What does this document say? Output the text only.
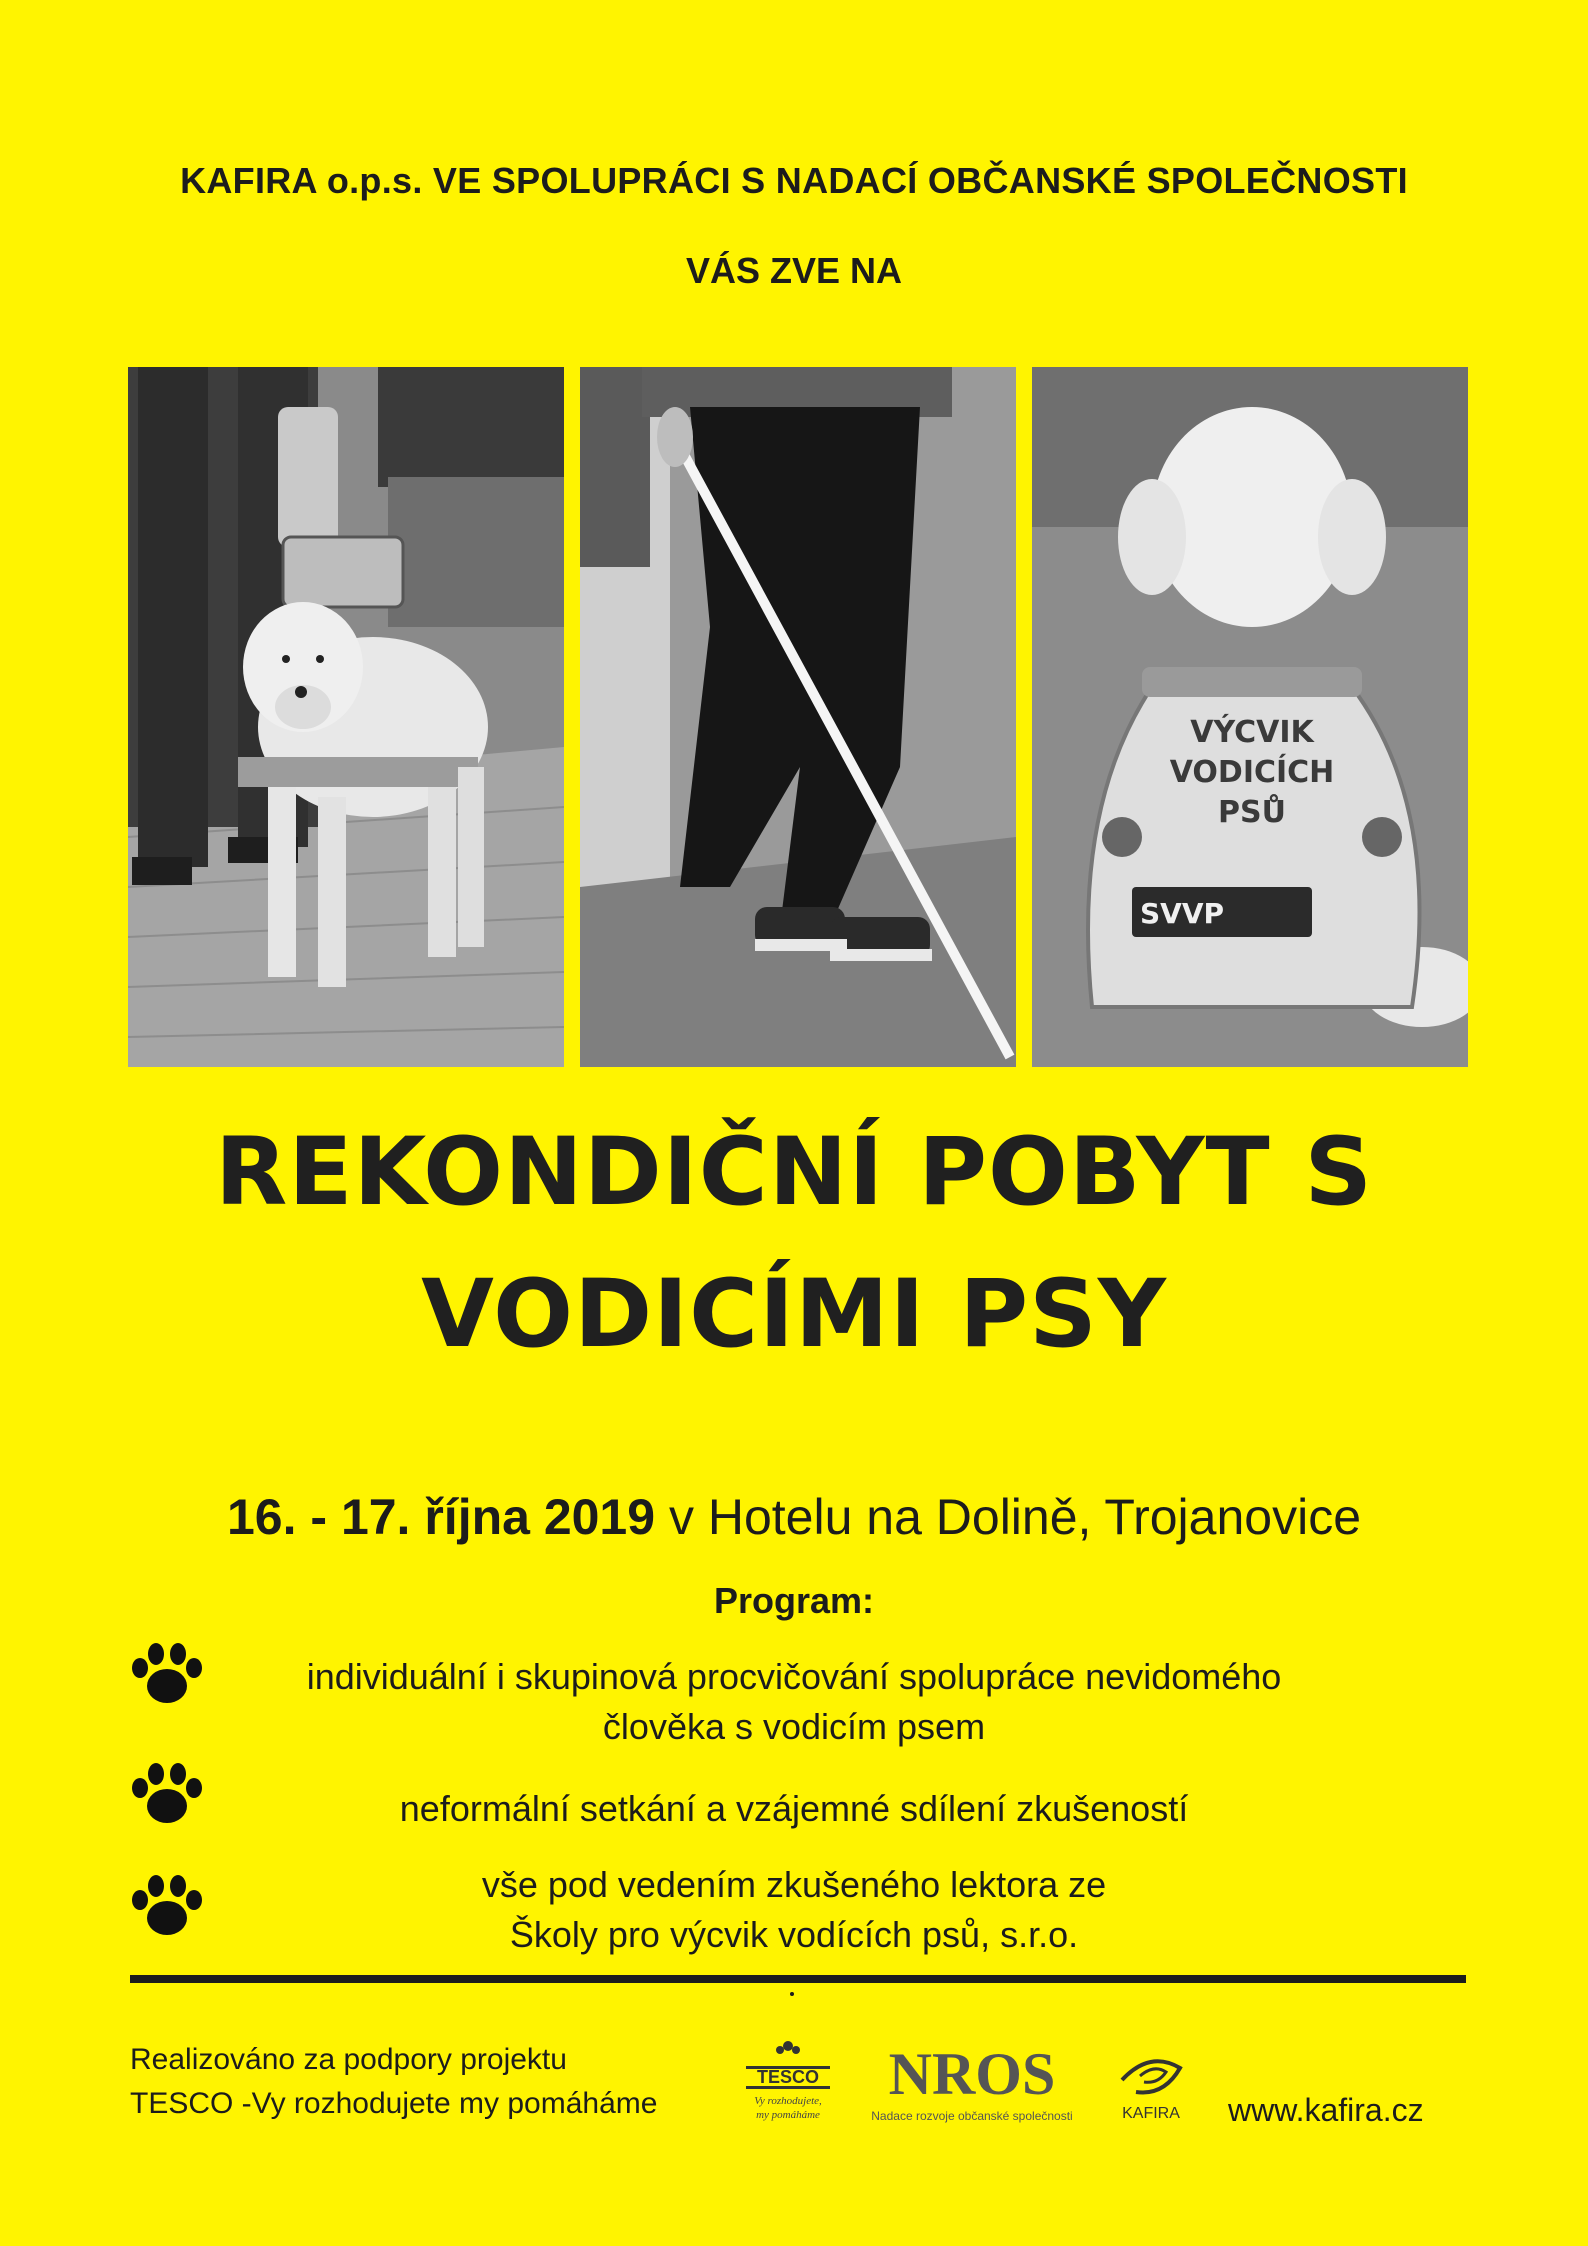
KAFIRA o.p.s. VE SPOLUPRÁCI S NADACÍ OBČANSKÉ SPOLEČNOSTI
VÁS ZVE NA
VÝCVIK
VODICÍCH
PSŮ
SVVP
REKONDIČNÍ POBYT S
VODICÍMI PSY
16. - 17. října 2019 v Hotelu na Dolině, Trojanovice
Program:
individuální i skupinová procvičování spolupráce nevidomého
člověka s vodicím psem
neformální setkání a vzájemné sdílení zkušeností
vše pod vedením zkušeného lektora ze
Školy pro výcvik vodících psů, s.r.o.
Realizováno za podpory projektu
TESCO -Vy rozhodujete my pomáháme
TESCO
Vy rozhodujete,
my pomáháme
NROS
Nadace rozvoje občanské společnosti	KAFIRA www.kafira.cz
